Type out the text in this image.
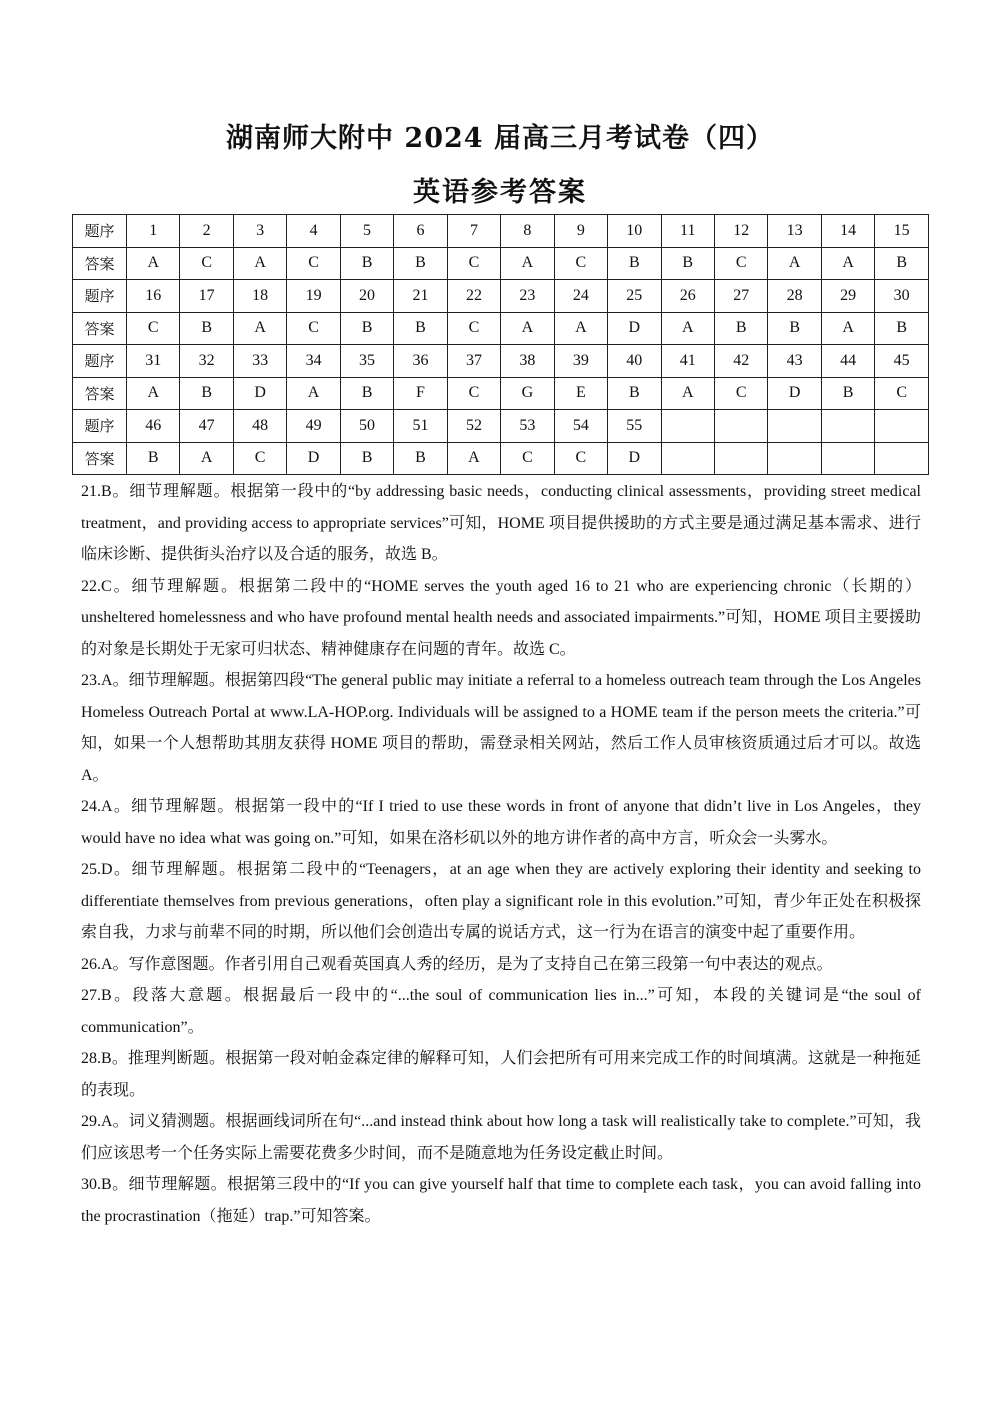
湖南师大附中 2024 届高三月考试卷（四）
英语参考答案
题序	1	2	3	4	5	6	7	8	9	10	11	12	13	14	15
答案	A	C	A	C	B	B	C	A	C	B	B	C	A	A	B
题序	16	17	18	19	20	21	22	23	24	25	26	27	28	29	30
答案	C	B	A	C	B	B	C	A	A	D	A	B	B	A	B
题序	31	32	33	34	35	36	37	38	39	40	41	42	43	44	45
答案	A	B	D	A	B	F	C	G	E	B	A	C	D	B	C
题序	46	47	48	49	50	51	52	53	54	55					
答案	B	A	C	D	B	B	A	C	C	D					

21.B。细节理解题。根据第一段中的“by addressing basic needs，conducting clinical assessments，providing street medical treatment，and providing access to appropriate services”可知，HOME 项目提供援助的方式主要是通过满足基本需求、进行临床诊断、提供街头治疗以及合适的服务，故选 B。

22.C。细节理解题。根据第二段中的“HOME serves the youth aged 16 to 21 who are experiencing chronic（长期的）unsheltered homelessness and who have profound mental health needs and associated impairments.”可知，HOME 项目主要援助的对象是长期处于无家可归状态、精神健康存在问题的青年。故选 C。

23.A。细节理解题。根据第四段“The general public may initiate a referral to a homeless outreach team through the Los Angeles Homeless Outreach Portal at www.LA-HOP.org. Individuals will be assigned to a HOME team if the person meets the criteria.”可知，如果一个人想帮助其朋友获得 HOME 项目的帮助，需登录相关网站，然后工作人员审核资质通过后才可以。故选 A。

24.A。细节理解题。根据第一段中的“If I tried to use these words in front of anyone that didn’t live in Los Angeles，they would have no idea what was going on.”可知，如果在洛杉矶以外的地方讲作者的高中方言，听众会一头雾水。

25.D。细节理解题。根据第二段中的“Teenagers，at an age when they are actively exploring their identity and seeking to differentiate themselves from previous generations，often play a significant role in this evolution.”可知，青少年正处在积极探索自我，力求与前辈不同的时期，所以他们会创造出专属的说话方式，这一行为在语言的演变中起了重要作用。

26.A。写作意图题。作者引用自己观看英国真人秀的经历，是为了支持自己在第三段第一句中表达的观点。

27.B。段落大意题。根据最后一段中的“...the soul of communication lies in...”可知，本段的关键词是“the soul of communication”。

28.B。推理判断题。根据第一段对帕金森定律的解释可知，人们会把所有可用来完成工作的时间填满。这就是一种拖延的表现。

29.A。词义猜测题。根据画线词所在句“...and instead think about how long a task will realistically take to complete.”可知，我们应该思考一个任务实际上需要花费多少时间，而不是随意地为任务设定截止时间。

30.B。细节理解题。根据第三段中的“If you can give yourself half that time to complete each task，you can avoid falling into the procrastination（拖延）trap.”可知答案。
